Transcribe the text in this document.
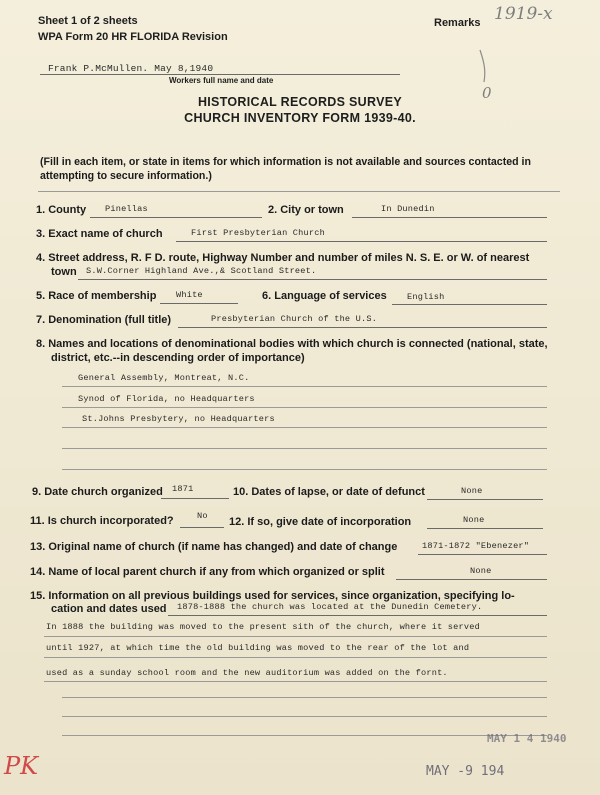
Sheet 1 of 2 sheets
WPA Form 20 HR FLORIDA Revision
Remarks 1919-x
0
Frank P.McMullen. May 8,1940
Workers full name and date
HISTORICAL RECORDS SURVEY
CHURCH INVENTORY FORM 1939-40.
(Fill in each item, or state in items for which information is not available and sources contacted in
attempting to secure information.)
1. County Pinellas	2. City or town	In Dunedin
3. Exact name of church	First Presbyterian Church
4. Street address, R. F D. route, Highway Number and number of miles N. S. E. or W. of nearest
town S.W.Corner Highland Ave.,& Scotland Street.
5. Race of membership White	6. Language of services English
7. Denomination (full title)	Presbyterian Church of the U.S.
8. Names and locations of denominational bodies with which church is connected (national, state,
district, etc.--in descending order of importance)
General Assembly, Montreat, N.C.
Synod of Florida, no Headquarters
St.Johns Presbytery, no Headquarters
9. Date church organized 1871	10. Dates of lapse, or date of defunct	None
11. Is church incorporated?	No 12. If so, give date of incorporation	None
13. Original name of church (if name has changed) and date of change	1871-1872 "Ebenezer"
14. Name of local parent church if any from which organized or split	None
15. Information on all previous buildings used for services, since organization, specifying lo-
cation and dates used 1878-1888 the church was located at the Dunedin Cemetery.
In 1888 the building was moved to the present sith of the church, where it served
until 1927, at which time the old building was moved to the rear of the lot and
used as a sunday school room and the new auditorium was added on the fornt.
PK
MAY 1 4 1940
MAY -9 194
